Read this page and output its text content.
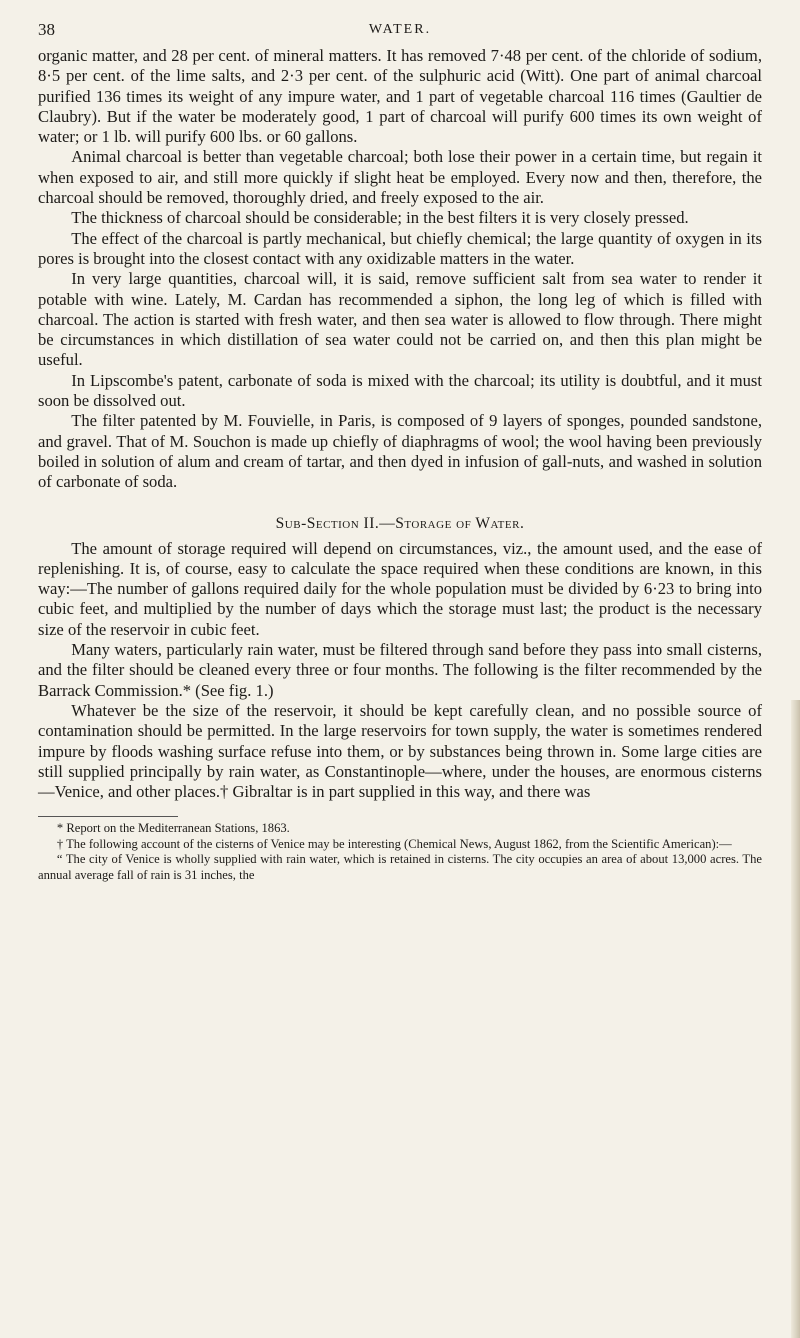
38	WATER.

organic matter, and 28 per cent. of mineral matters. It has removed 7·48 per cent. of the chloride of sodium, 8·5 per cent. of the lime salts, and 2·3 per cent. of the sulphuric acid (Witt). One part of animal charcoal purified 136 times its weight of any impure water, and 1 part of vegetable charcoal 116 times (Gaultier de Claubry). But if the water be moderately good, 1 part of charcoal will purify 600 times its own weight of water; or 1 lb. will purify 600 lbs. or 60 gallons.

Animal charcoal is better than vegetable charcoal; both lose their power in a certain time, but regain it when exposed to air, and still more quickly if slight heat be employed. Every now and then, therefore, the charcoal should be removed, thoroughly dried, and freely exposed to the air.

The thickness of charcoal should be considerable; in the best filters it is very closely pressed.

The effect of the charcoal is partly mechanical, but chiefly chemical; the large quantity of oxygen in its pores is brought into the closest contact with any oxidizable matters in the water.

In very large quantities, charcoal will, it is said, remove sufficient salt from sea water to render it potable with wine. Lately, M. Cardan has recommended a siphon, the long leg of which is filled with charcoal. The action is started with fresh water, and then sea water is allowed to flow through. There might be circumstances in which distillation of sea water could not be carried on, and then this plan might be useful.

In Lipscombe's patent, carbonate of soda is mixed with the charcoal; its utility is doubtful, and it must soon be dissolved out.

The filter patented by M. Fouvielle, in Paris, is composed of 9 layers of sponges, pounded sandstone, and gravel. That of M. Souchon is made up chiefly of diaphragms of wool; the wool having been previously boiled in solution of alum and cream of tartar, and then dyed in infusion of gall-nuts, and washed in solution of carbonate of soda.

Sub-Section II.—Storage of Water.

The amount of storage required will depend on circumstances, viz., the amount used, and the ease of replenishing. It is, of course, easy to calculate the space required when these conditions are known, in this way:—The number of gallons required daily for the whole population must be divided by 6·23 to bring into cubic feet, and multiplied by the number of days which the storage must last; the product is the necessary size of the reservoir in cubic feet.

Many waters, particularly rain water, must be filtered through sand before they pass into small cisterns, and the filter should be cleaned every three or four months. The following is the filter recommended by the Barrack Commission.* (See fig. 1.)

Whatever be the size of the reservoir, it should be kept carefully clean, and no possible source of contamination should be permitted. In the large reservoirs for town supply, the water is sometimes rendered impure by floods washing surface refuse into them, or by substances being thrown in. Some large cities are still supplied principally by rain water, as Constantinople—where, under the houses, are enormous cisterns—Venice, and other places.† Gibraltar is in part supplied in this way, and there was

* Report on the Mediterranean Stations, 1863.

† The following account of the cisterns of Venice may be interesting (Chemical News, August 1862, from the Scientific American):—

“ The city of Venice is wholly supplied with rain water, which is retained in cisterns. The city occupies an area of about 13,000 acres. The annual average fall of rain is 31 inches, the
